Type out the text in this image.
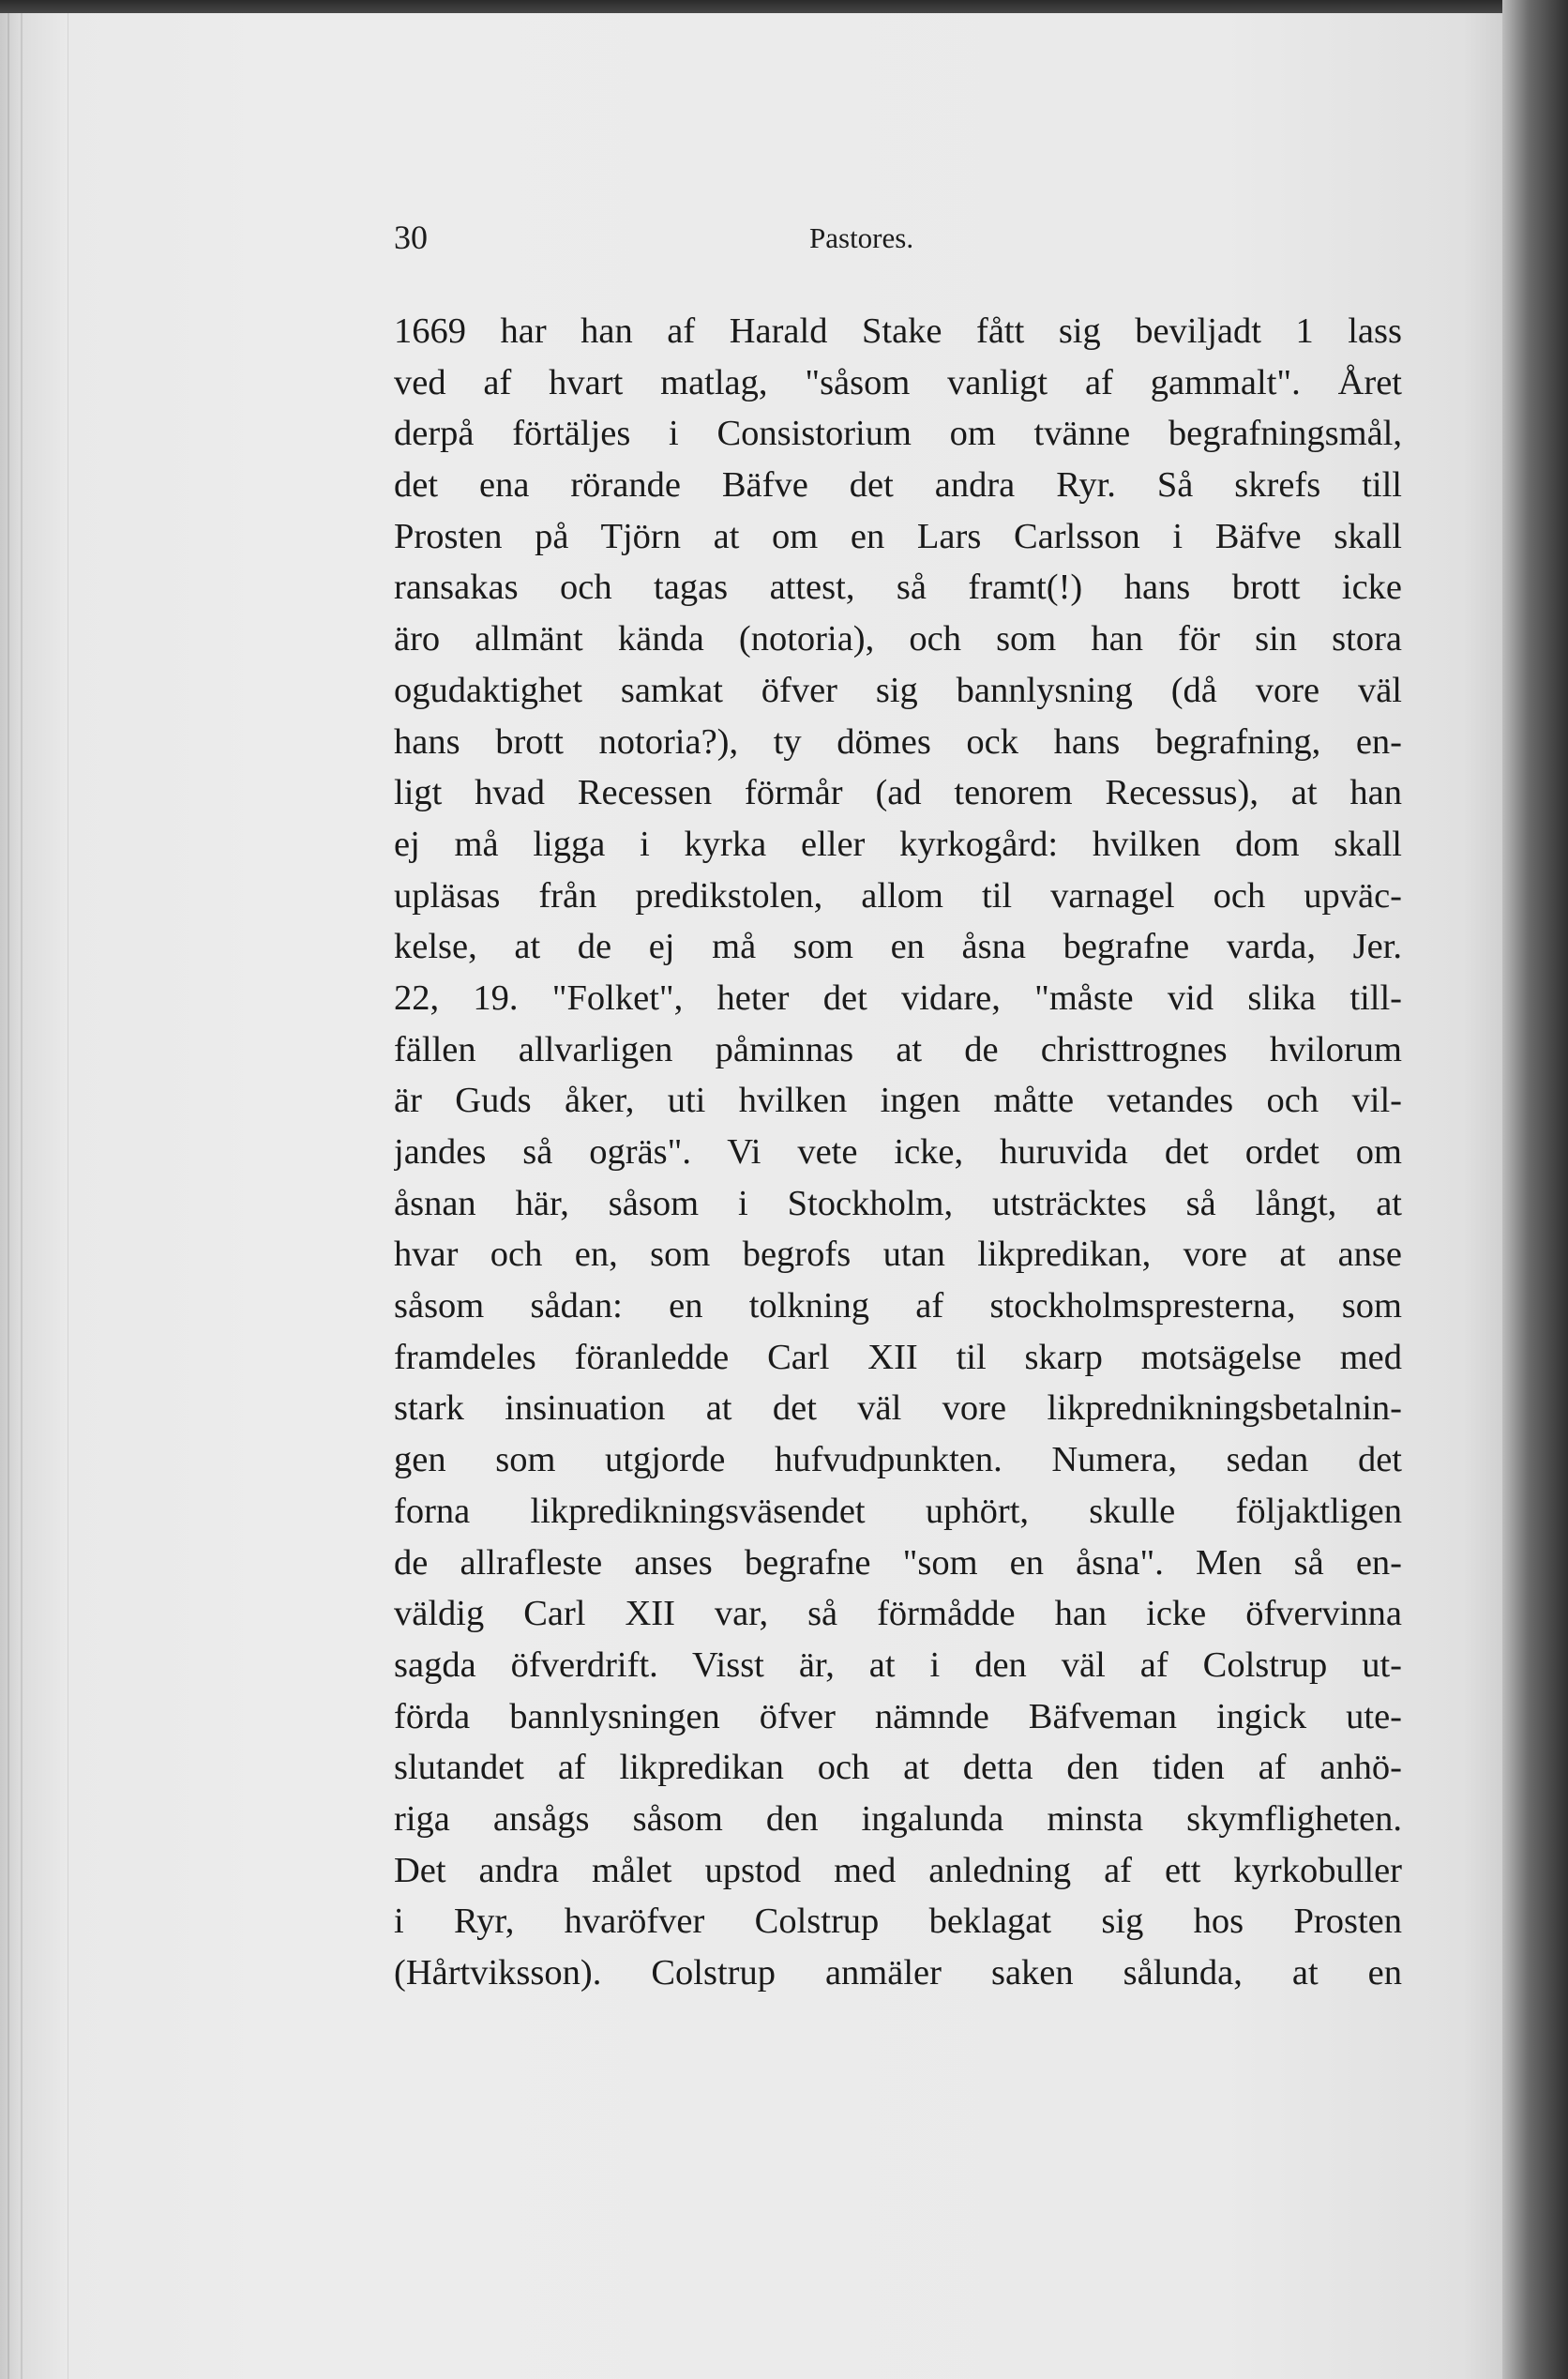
30	Pastores.
1669 har han af Harald Stake fått sig beviljadt 1 lass
ved af hvart matlag, "såsom vanligt af gammalt". Året
derpå förtäljes i Consistorium om tvänne begrafningsmål,
det ena rörande Bäfve det andra Ryr. Så skrefs till
Prosten på Tjörn at om en Lars Carlsson i Bäfve skall
ransakas och tagas attest, så framt(!) hans brott icke
äro allmänt kända (notoria), och som han för sin stora
ogudaktighet samkat öfver sig bannlysning (då vore väl
hans brott notoria?), ty dömes ock hans begrafning, en-
ligt hvad Recessen förmår (ad tenorem Recessus), at han
ej må ligga i kyrka eller kyrkogård: hvilken dom skall
upläsas från predikstolen, allom til varnagel och upväc-
kelse, at de ej må som en åsna begrafne varda, Jer.
22, 19. "Folket", heter det vidare, "måste vid slika till-
fällen allvarligen påminnas at de christtrognes hvilorum
är Guds åker, uti hvilken ingen måtte vetandes och vil-
jandes så ogräs". Vi vete icke, huruvida det ordet om
åsnan här, såsom i Stockholm, utsträcktes så långt, at
hvar och en, som begrofs utan likpredikan, vore at anse
såsom sådan: en tolkning af stockholmspresterna, som
framdeles föranledde Carl XII til skarp motsägelse med
stark insinuation at det väl vore likprednikningsbetalnin-
gen som utgjorde hufvudpunkten. Numera, sedan det
forna likpredikningsväsendet uphört, skulle följaktligen
de allrafleste anses begrafne "som en åsna". Men så en-
väldig Carl XII var, så förmådde han icke öfvervinna
sagda öfverdrift. Visst är, at i den väl af Colstrup ut-
förda bannlysningen öfver nämnde Bäfveman ingick ute-
slutandet af likpredikan och at detta den tiden af anhö-
riga ansågs såsom den ingalunda minsta skymfligheten.
Det andra målet upstod med anledning af ett kyrkobuller
i Ryr, hvaröfver Colstrup beklagat sig hos Prosten
(Hårtviksson). Colstrup anmäler saken sålunda, at en
